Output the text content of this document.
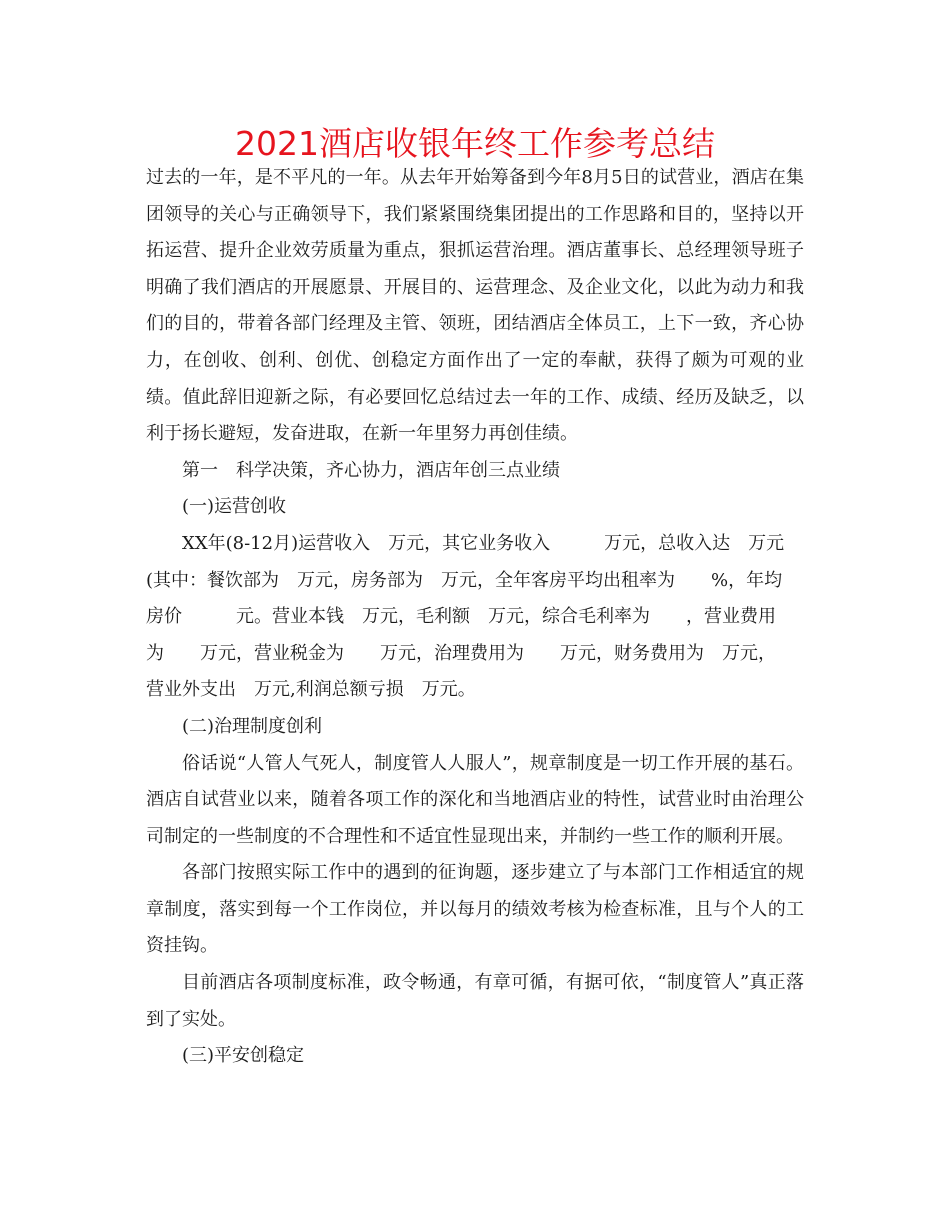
2021酒店收银年终工作参考总结

过去的一年，是不平凡的一年。从去年开始筹备到今年8月5日的试营业，酒店在集团领导的关心与正确领导下，我们紧紧围绕集团提出的工作思路和目的，坚持以开拓运营、提升企业效劳质量为重点，狠抓运营治理。酒店董事长、总经理领导班子明确了我们酒店的开展愿景、开展目的、运营理念、及企业文化，以此为动力和我们的目的，带着各部门经理及主管、领班，团结酒店全体员工，上下一致，齐心协力，在创收、创利、创优、创稳定方面作出了一定的奉献，获得了颇为可观的业绩。值此辞旧迎新之际，有必要回忆总结过去一年的工作、成绩、经历及缺乏，以利于扬长避短，发奋进取，在新一年里努力再创佳绩。

第一　科学决策，齐心协力，酒店年创三点业绩

(一)运营创收

XX年(8-12月)运营收入　万元，其它业务收入　　　万元，总收入达　万元

(其中：餐饮部为　万元，房务部为　万元，全年客房平均出租率为　　%，年均

房价　　　元。营业本钱　万元，毛利额　万元，综合毛利率为　　，营业费用

为　　万元，营业税金为　　万元，治理费用为　　万元，财务费用为　万元，

营业外支出　万元,利润总额亏损　万元。

(二)治理制度创利

俗话说“人管人气死人，制度管人人服人”，规章制度是一切工作开展的基石。酒店自试营业以来，随着各项工作的深化和当地酒店业的特性，试营业时由治理公司制定的一些制度的不合理性和不适宜性显现出来，并制约一些工作的顺利开展。

各部门按照实际工作中的遇到的征询题，逐步建立了与本部门工作相适宜的规章制度，落实到每一个工作岗位，并以每月的绩效考核为检查标准，且与个人的工资挂钩。

目前酒店各项制度标准，政令畅通，有章可循，有据可依，“制度管人”真正落到了实处。

(三)平安创稳定
